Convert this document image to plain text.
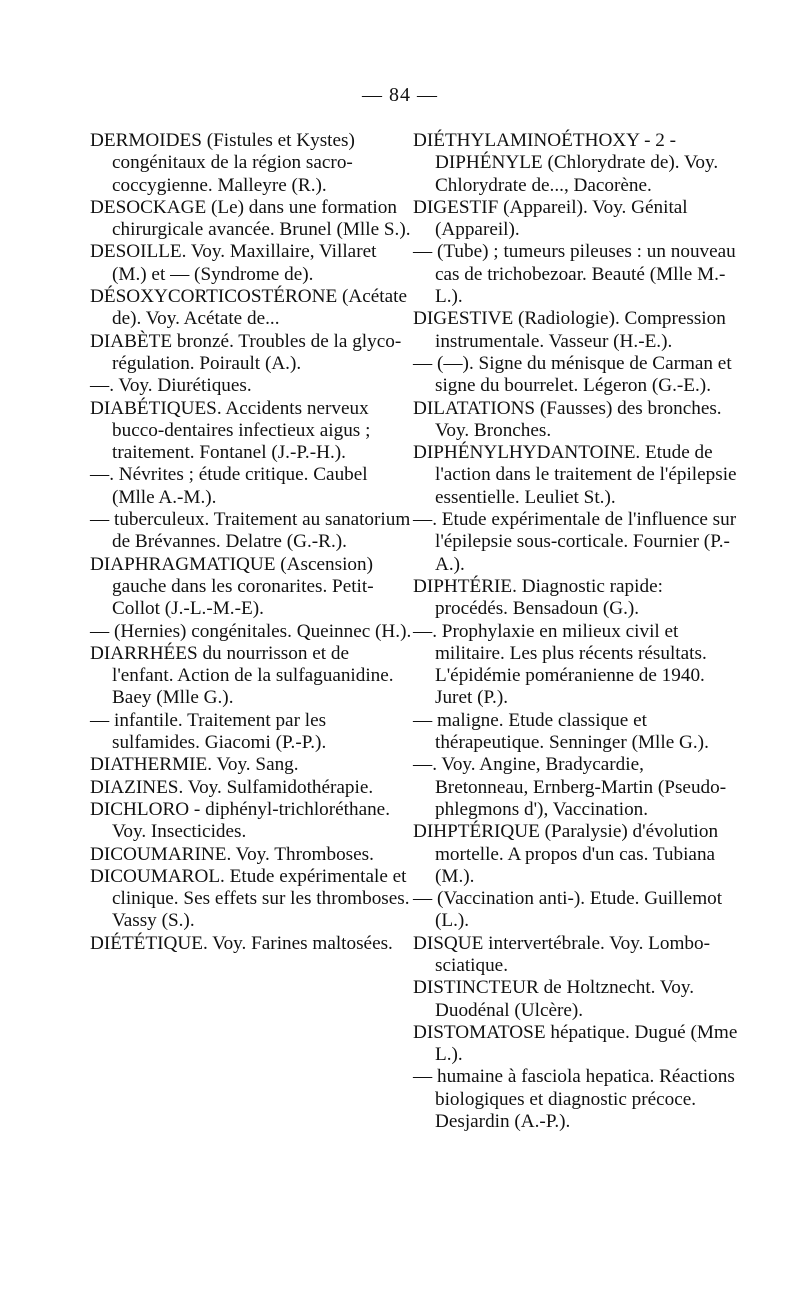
— 84 —

DERMOIDES (Fistules et Kystes) congénitaux de la région sacro-coccygienne. Malleyre (R.).

DESOCKAGE (Le) dans une formation chirurgicale avancée. Brunel (Mlle S.).

DESOILLE. Voy. Maxillaire, Villaret (M.) et — (Syndrome de).

DÉSOXYCORTICOSTÉRONE (Acétate de). Voy. Acétate de...

DIABÈTE bronzé. Troubles de la glyco-régulation. Poirault (A.).

—. Voy. Diurétiques.

DIABÉTIQUES. Accidents nerveux bucco-dentaires infectieux aigus ; traitement. Fontanel (J.-P.-H.).

—. Névrites ; étude critique. Caubel (Mlle A.-M.).

— tuberculeux. Traitement au sanatorium de Brévannes. Delatre (G.-R.).

DIAPHRAGMATIQUE (Ascension) gauche dans les coronarites. Petit-Collot (J.-L.-M.-E).

— (Hernies) congénitales. Queinnec (H.).

DIARRHÉES du nourrisson et de l'enfant. Action de la sulfaguanidine. Baey (Mlle G.).

— infantile. Traitement par les sulfamides. Giacomi (P.-P.).

DIATHERMIE. Voy. Sang.

DIAZINES. Voy. Sulfamidothérapie.

DICHLORO - diphényl-trichloréthane. Voy. Insecticides.

DICOUMARINE. Voy. Thromboses.

DICOUMAROL. Etude expérimentale et clinique. Ses effets sur les thromboses. Vassy (S.).

DIÉTÉTIQUE. Voy. Farines maltosées.

DIÉTHYLAMINOÉTHOXY - 2 - DIPHÉNYLE (Chlorydrate de). Voy. Chlorydrate de..., Dacorène.

DIGESTIF (Appareil). Voy. Génital (Appareil).

— (Tube) ; tumeurs pileuses : un nouveau cas de trichobezoar. Beauté (Mlle M.-L.).

DIGESTIVE (Radiologie). Compression instrumentale. Vasseur (H.-E.).

— (—). Signe du ménisque de Carman et signe du bourrelet. Légeron (G.-E.).

DILATATIONS (Fausses) des bronches. Voy. Bronches.

DIPHÉNYLHYDANTOINE. Etude de l'action dans le traitement de l'épilepsie essentielle. Leuliet St.).

—. Etude expérimentale de l'influence sur l'épilepsie sous-corticale. Fournier (P.-A.).

DIPHTÉRIE. Diagnostic rapide: procédés. Bensadoun (G.).

—. Prophylaxie en milieux civil et militaire. Les plus récents résultats. L'épidémie poméranienne de 1940. Juret (P.).

— maligne. Etude classique et thérapeutique. Senninger (Mlle G.).

—. Voy. Angine, Bradycardie, Bretonneau, Ernberg-Martin (Pseudo-phlegmons d'), Vaccination.

DIHPTÉRIQUE (Paralysie) d'évolution mortelle. A propos d'un cas. Tubiana (M.).

— (Vaccination anti-). Etude. Guillemot (L.).

DISQUE intervertébrale. Voy. Lombo-sciatique.

DISTINCTEUR de Holtznecht. Voy. Duodénal (Ulcère).

DISTOMATOSE hépatique. Dugué (Mme L.).

— humaine à fasciola hepatica. Réactions biologiques et diagnostic précoce. Desjardin (A.-P.).
